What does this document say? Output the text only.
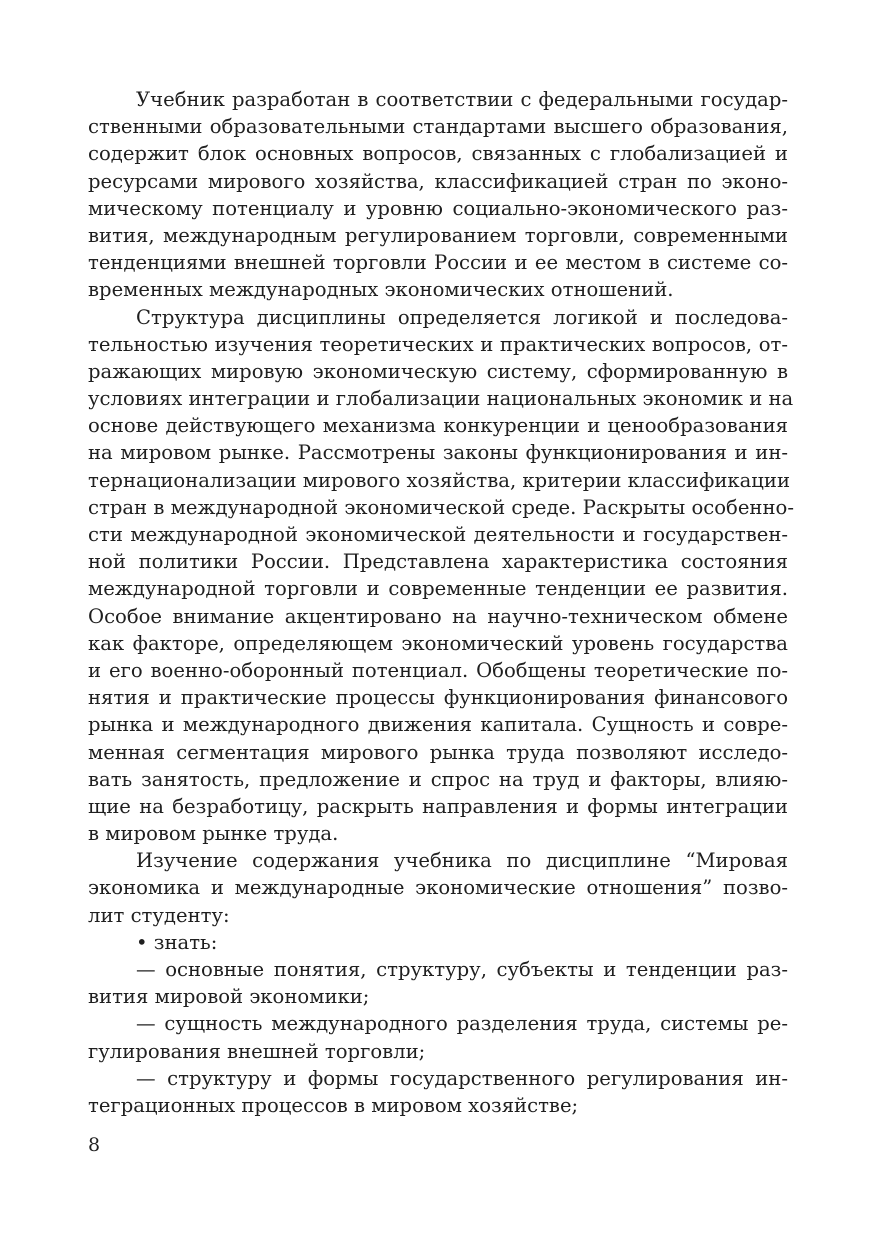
Учебник разработан в соответствии с федеральными государ-
ственными образовательными стандартами высшего образования,
содержит блок основных вопросов, связанных с глобализацией и
ресурсами мирового хозяйства, классификацией стран по эконо-
мическому потенциалу и уровню социально-экономического раз-
вития, международным регулированием торговли, современными
тенденциями внешней торговли России и ее местом в системе со-
временных международных экономических отношений.
Структура дисциплины определяется логикой и последова-
тельностью изучения теоретических и практических вопросов, от-
ражающих мировую экономическую систему, сформированную в
условиях интеграции и глобализации национальных экономик и на
основе действующего механизма конкуренции и ценообразования
на мировом рынке. Рассмотрены законы функционирования и ин-
тернационализации мирового хозяйства, критерии классификации
стран в международной экономической среде. Раскрыты особенно-
сти международной экономической деятельности и государствен-
ной политики России. Представлена характеристика состояния
международной торговли и современные тенденции ее развития.
Особое внимание акцентировано на научно-техническом обмене
как факторе, определяющем экономический уровень государства
и его военно-оборонный потенциал. Обобщены теоретические по-
нятия и практические процессы функционирования финансового
рынка и международного движения капитала. Сущность и совре-
менная сегментация мирового рынка труда позволяют исследо-
вать занятость, предложение и спрос на труд и факторы, влияю-
щие на безработицу, раскрыть направления и формы интеграции
в мировом рынке труда.
Изучение содержания учебника по дисциплине “Мировая
экономика и международные экономические отношения” позво-
лит студенту:
• знать:
— основные понятия, структуру, субъекты и тенденции раз-
вития мировой экономики;
— сущность международного разделения труда, системы ре-
гулирования внешней торговли;
— структуру и формы государственного регулирования ин-
теграционных процессов в мировом хозяйстве;
8
